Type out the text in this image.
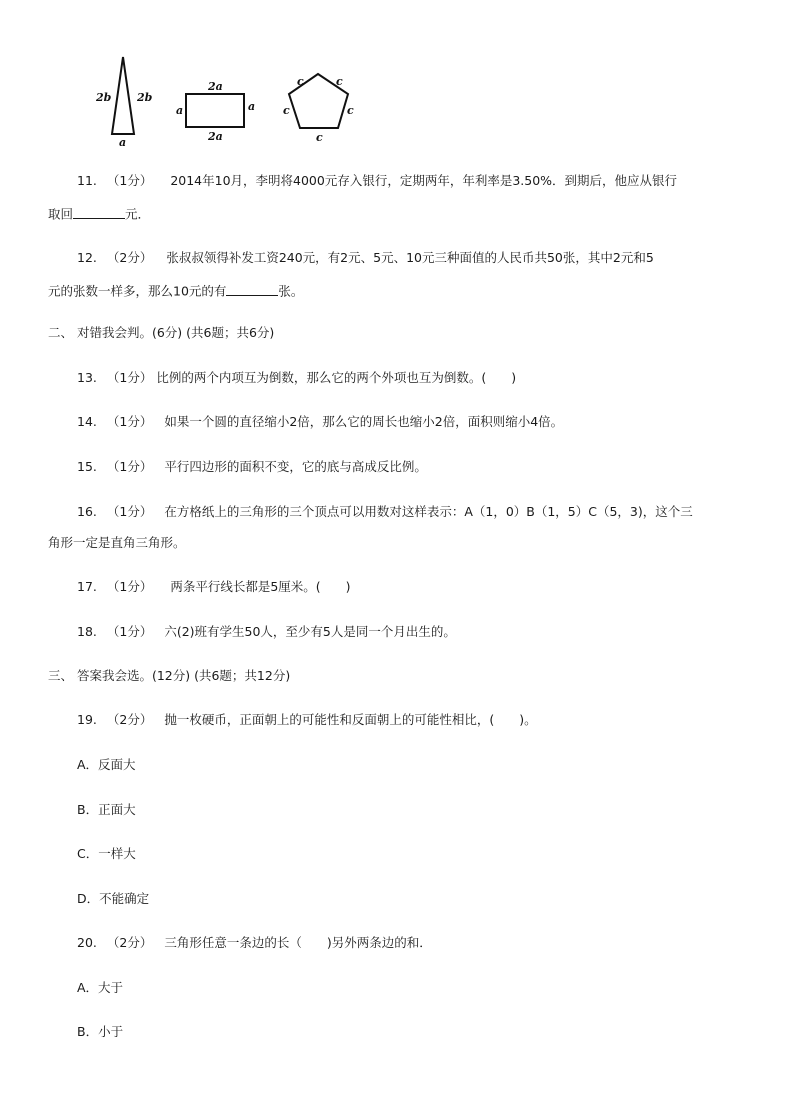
2b 2b
a
2a
2a
a	a
c	c
c
c
c
11. （1分） 2014年10月，李明将4000元存入银行，定期两年，年利率是3.50%．到期后，他应从银行
取回	元．
12. （2分） 张叔叔领得补发工资240元，有2元、5元、10元三种面值的人民币共50张，其中2元和5
元的张数一样多，那么10元的有	张。
二、 对错我会判。(6分) (共6题；共6分)
13. （1分） 比例的两个内项互为倒数，那么它的两个外项也互为倒数。(　　)
14. （1分） 如果一个圆的直径缩小2倍，那么它的周长也缩小2倍，面积则缩小4倍。
15. （1分） 平行四边形的面积不变，它的底与高成反比例。
16. （1分） 在方格纸上的三角形的三个顶点可以用数对这样表示：A（1，0）B（1，5）C（5，3)，这个三
角形一定是直角三角形。
17. （1分） 两条平行线长都是5厘米。(　　)
18. （1分） 六(2)班有学生50人，至少有5人是同一个月出生的。
三、 答案我会选。(12分) (共6题；共12分)
19. （2分） 抛一枚硬币，正面朝上的可能性和反面朝上的可能性相比，(　　)。
A．反面大
B．正面大
C．一样大
D．不能确定
20. （2分） 三角形任意一条边的长（　　)另外两条边的和．
A．大于
B．小于
